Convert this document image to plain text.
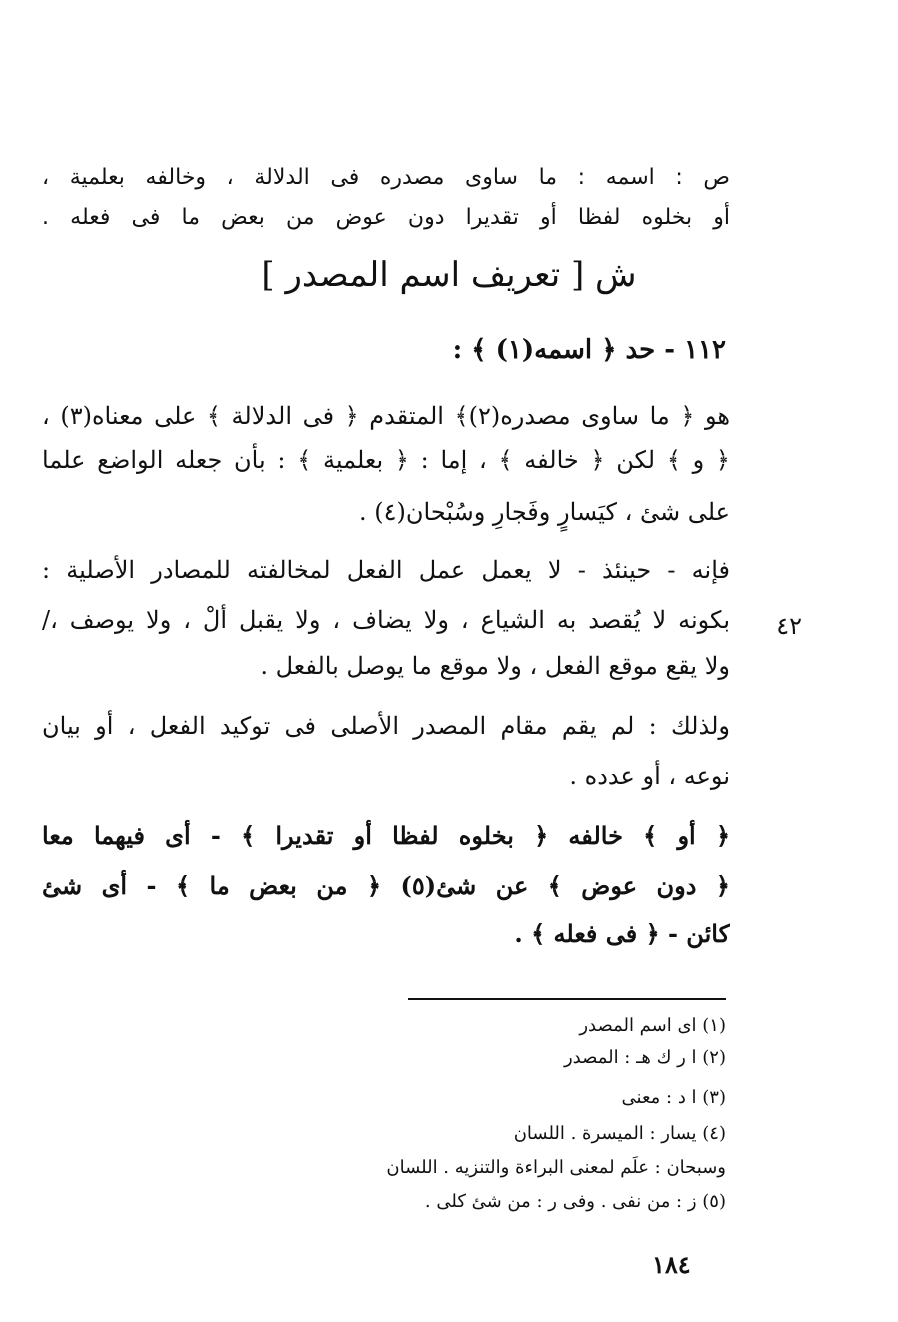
ص : اسمه : ما ساوى مصدره فى الدلالة ، وخالفه بعلمية ،
أو بخلوه لفظا أو تقديرا دون عوض من بعض ما فى فعله .
ش [ تعريف اسم المصدر ]
١١٢ - حد ﴿ اسمه(١) ﴾ :
هو ﴿ ما ساوى مصدره(٢)﴾ المتقدم ﴿ فى الدلالة ﴾ على معناه(٣) ،
﴿ و ﴾ لكن ﴿ خالفه ﴾ ، إما : ﴿ بعلمية ﴾ : بأن جعله الواضع علما
على شئ ، كيَسارٍ وفَجارِ وسُبْحان(٤) .
فإنه - حينئذ - لا يعمل عمل الفعل لمخالفته للمصادر الأصلية :
بكونه لا يُقصد به الشياع ، ولا يضاف ، ولا يقبل ألْ ، ولا يوصف ،/
ولا يقع موقع الفعل ، ولا موقع ما يوصل بالفعل .
٤٢
ولذلك : لم يقم مقام المصدر الأصلى فى توكيد الفعل ، أو بيان
نوعه ، أو عدده .
﴿ أو ﴾ خالفه ﴿ بخلوه لفظا أو تقديرا ﴾ - أى فيهما معا
﴿ دون عوض ﴾ عن شئ(٥) ﴿ من بعض ما ﴾ - أى شئ
كائن - ﴿ فى فعله ﴾ .
(١) اى اسم المصدر
(٢) ا ر ك هـ : المصدر
(٣) ا د : معنى
(٤) يسار : الميسرة . اللسان
وسبحان : علَم لمعنى البراءة والتنزيه . اللسان
(٥) ز : من نفى . وفى ر : من شئ كلى .
١٨٤
